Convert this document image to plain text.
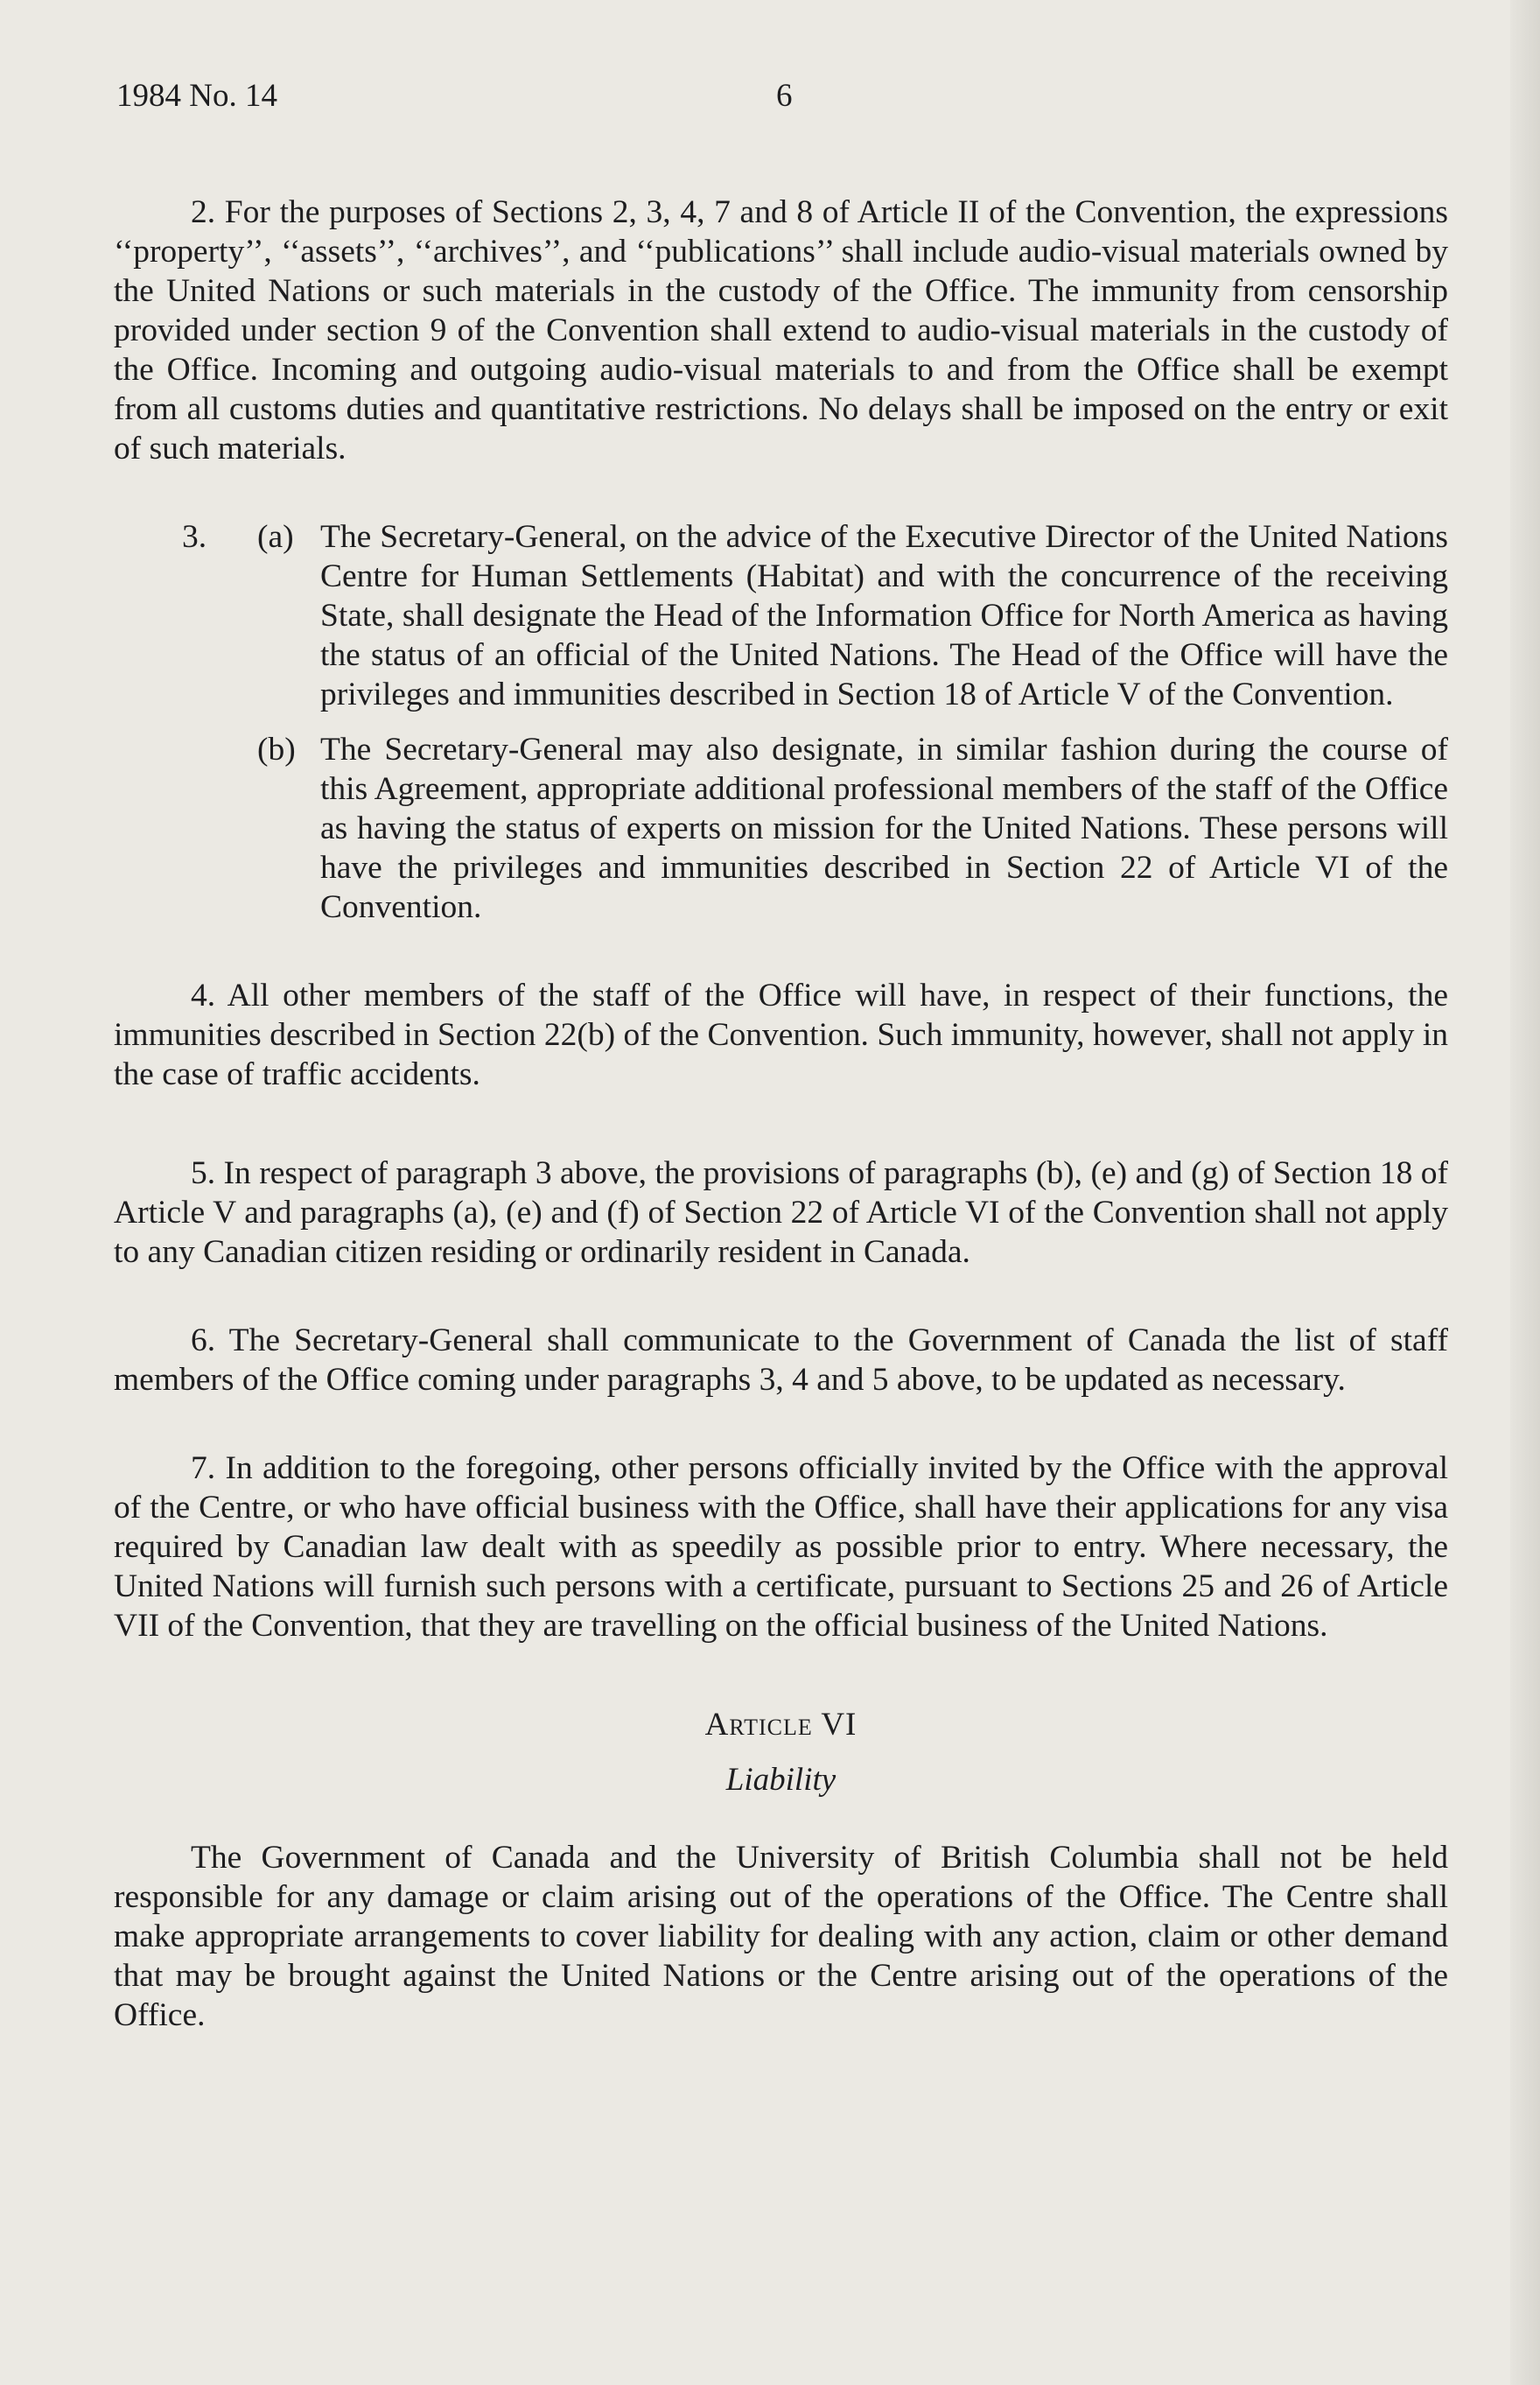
1984 No. 14	6

2. For the purposes of Sections 2, 3, 4, 7 and 8 of Article II of the Convention, the expressions ‘‘property’’, ‘‘assets’’, ‘‘archives’’, and ‘‘publications’’ shall include audio-visual materials owned by the United Nations or such materials in the custody of the Office. The immunity from censorship provided under section 9 of the Convention shall extend to audio-visual materials in the custody of the Office. Incoming and outgoing audio-visual materials to and from the Office shall be exempt from all customs duties and quantitative restrictions. No delays shall be imposed on the entry or exit of such materials.

3.	(a) The Secretary-General, on the advice of the Executive Director of the United Nations Centre for Human Settlements (Habitat) and with the concurrence of the receiving State, shall designate the Head of the Information Office for North America as having the status of an official of the United Nations. The Head of the Office will have the privileges and immunities described in Section 18 of Article V of the Convention.
(b) The Secretary-General may also designate, in similar fashion during the course of this Agreement, appropriate additional professional members of the staff of the Office as having the status of experts on mission for the United Nations. These persons will have the privileges and immunities described in Section 22 of Article VI of the Convention.

4. All other members of the staff of the Office will have, in respect of their functions, the immunities described in Section 22(b) of the Convention. Such immunity, however, shall not apply in the case of traffic accidents.

5. In respect of paragraph 3 above, the provisions of paragraphs (b), (e) and (g) of Section 18 of Article V and paragraphs (a), (e) and (f) of Section 22 of Article VI of the Convention shall not apply to any Canadian citizen residing or ordinarily resident in Canada.

6. The Secretary-General shall communicate to the Government of Canada the list of staff members of the Office coming under paragraphs 3, 4 and 5 above, to be updated as necessary.

7. In addition to the foregoing, other persons officially invited by the Office with the approval of the Centre, or who have official business with the Office, shall have their applications for any visa required by Canadian law dealt with as speedily as possible prior to entry. Where necessary, the United Nations will furnish such persons with a certificate, pursuant to Sections 25 and 26 of Article VII of the Convention, that they are travelling on the official business of the United Nations.

Article VI

Liability

The Government of Canada and the University of British Columbia shall not be held responsible for any damage or claim arising out of the operations of the Office. The Centre shall make appropriate arrangements to cover liability for dealing with any action, claim or other demand that may be brought against the United Nations or the Centre arising out of the operations of the Office.
